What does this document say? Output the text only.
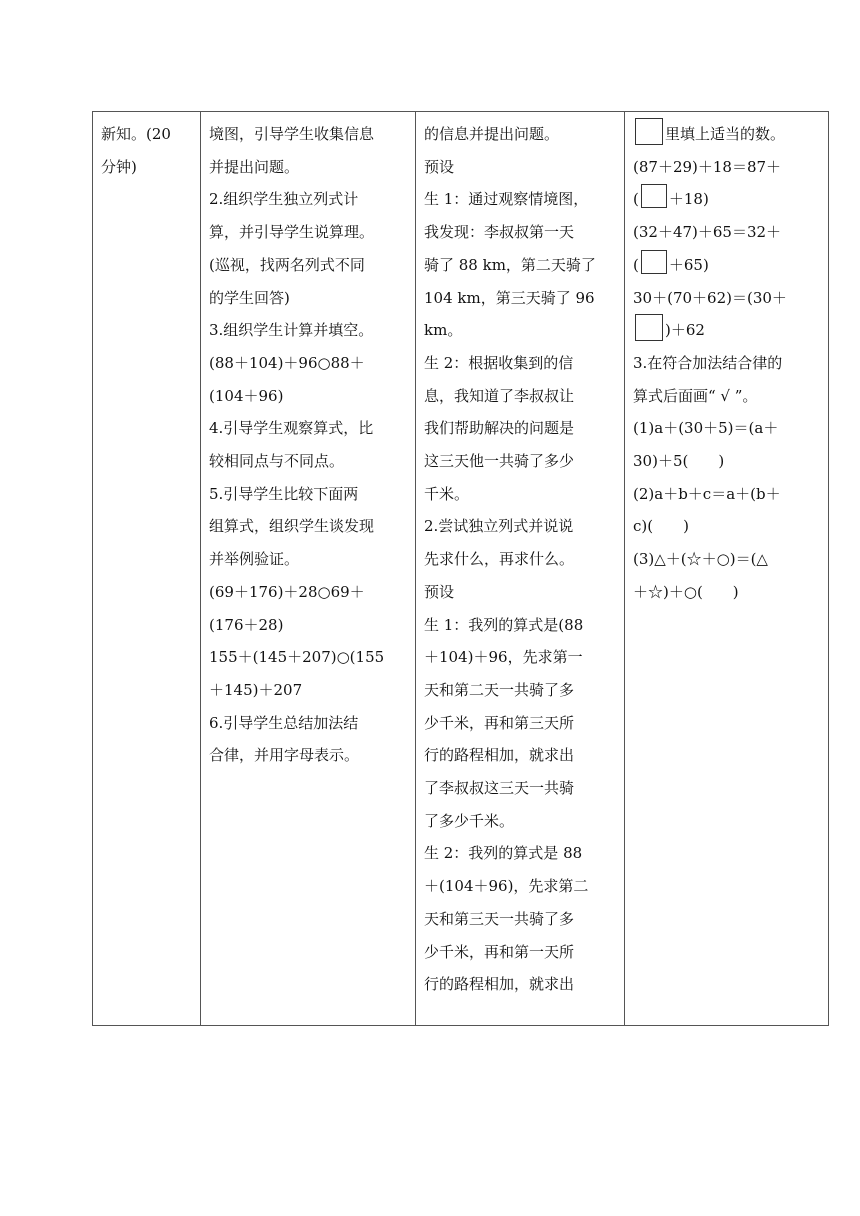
新知。(20
分钟)

境图，引导学生收集信息
并提出问题。
2.组织学生独立列式计
算，并引导学生说算理。
(巡视，找两名列式不同
的学生回答)
3.组织学生计算并填空。
(88＋104)＋96○88＋
(104＋96)
4.引导学生观察算式，比
较相同点与不同点。
5.引导学生比较下面两
组算式，组织学生谈发现
并举例验证。
(69＋176)＋28○69＋
(176＋28)
155＋(145＋207)○(155
＋145)＋207
6.引导学生总结加法结
合律，并用字母表示。

的信息并提出问题。
预设
生 1：通过观察情境图，
我发现：李叔叔第一天
骑了 88 km，第二天骑了
104 km，第三天骑了 96
km。
生 2：根据收集到的信
息，我知道了李叔叔让
我们帮助解决的问题是
这三天他一共骑了多少
千米。
2.尝试独立列式并说说
先求什么，再求什么。
预设
生 1：我列的算式是(88
＋104)＋96，先求第一
天和第二天一共骑了多
少千米，再和第三天所
行的路程相加，就求出
了李叔叔这三天一共骑
了多少千米。
生 2：我列的算式是 88
＋(104＋96)，先求第二
天和第三天一共骑了多
少千米，再和第一天所
行的路程相加，就求出

里填上适当的数。
(87＋29)＋18＝87＋
( ＋18)
(32＋47)＋65＝32＋
( ＋65)
30＋(70＋62)＝(30＋
)＋62
3.在符合加法结合律的
算式后面画“ √ ”。
(1)a＋(30＋5)＝(a＋
30)＋5(　　)
(2)a＋b＋c＝a＋(b＋
c)(　　)
(3)△＋(☆＋○)＝(△
＋☆)＋○(　　)
